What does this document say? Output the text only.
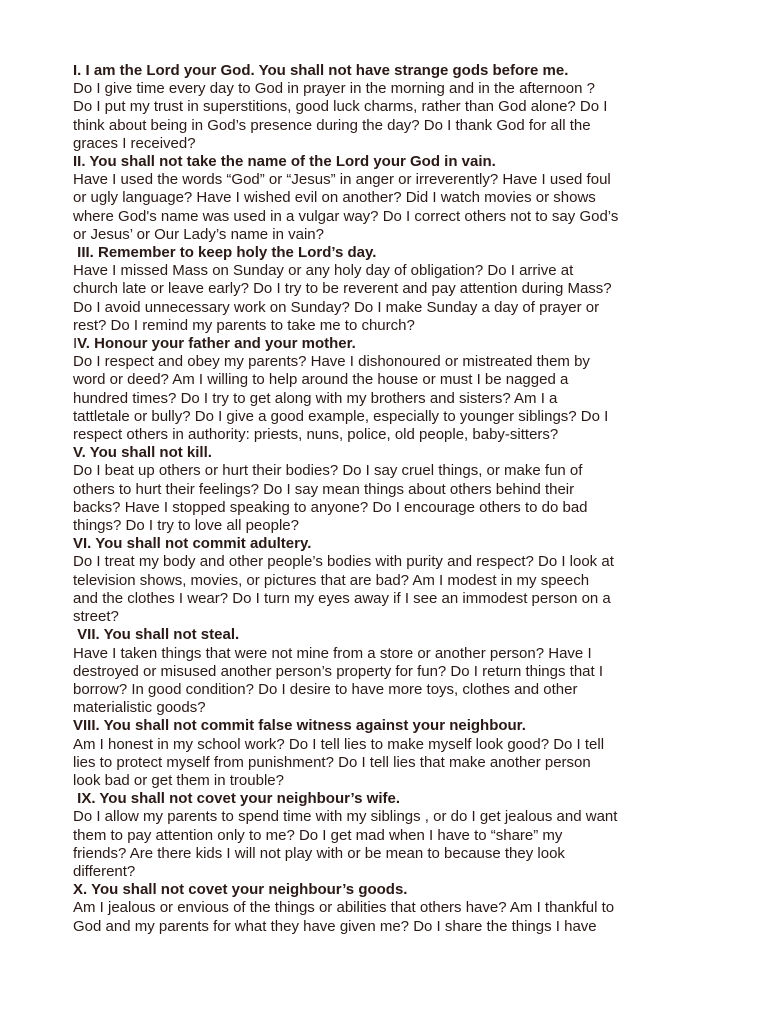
I. I am the Lord your God. You shall not have strange gods before me.

Do I give time every day to God in prayer in the morning and in the afternoon ?
Do I put my trust in superstitions, good luck charms, rather than God alone? Do I
think about being in God’s presence during the day? Do I thank God for all the
graces I received?

II. You shall not take the name of the Lord your God in vain.

Have I used the words “God” or “Jesus” in anger or irreverently? Have I used foul
or ugly language? Have I wished evil on another? Did I watch movies or shows
where God's name was used in a vulgar way? Do I correct others not to say God’s
or Jesus’ or Our Lady’s name in vain?

III. Remember to keep holy the Lord’s day.

Have I missed Mass on Sunday or any holy day of obligation? Do I arrive at
church late or leave early? Do I try to be reverent and pay attention during Mass?
Do I avoid unnecessary work on Sunday? Do I make Sunday a day of prayer or
rest? Do I remind my parents to take me to church?

IV. Honour your father and your mother.

Do I respect and obey my parents? Have I dishonoured or mistreated them by
word or deed? Am I willing to help around the house or must I be nagged a
hundred times? Do I try to get along with my brothers and sisters? Am I a
tattletale or bully? Do I give a good example, especially to younger siblings? Do I
respect others in authority: priests, nuns, police, old people, baby-sitters?

V. You shall not kill.

Do I beat up others or hurt their bodies? Do I say cruel things, or make fun of
others to hurt their feelings? Do I say mean things about others behind their
backs? Have I stopped speaking to anyone? Do I encourage others to do bad
things? Do I try to love all people?

VI. You shall not commit adultery.

Do I treat my body and other people’s bodies with purity and respect? Do I look at
television shows, movies, or pictures that are bad? Am I modest in my speech
and the clothes I wear? Do I turn my eyes away if I see an immodest person on a
street?

VII. You shall not steal.

Have I taken things that were not mine from a store or another person? Have I
destroyed or misused another person’s property for fun? Do I return things that I
borrow? In good condition? Do I desire to have more toys, clothes and other
materialistic goods?

VIII. You shall not commit false witness against your neighbour.

Am I honest in my school work? Do I tell lies to make myself look good? Do I tell
lies to protect myself from punishment? Do I tell lies that make another person
look bad or get them in trouble?

IX. You shall not covet your neighbour’s wife.

Do I allow my parents to spend time with my siblings , or do I get jealous and want
them to pay attention only to me? Do I get mad when I have to “share” my
friends? Are there kids I will not play with or be mean to because they look
different?

X. You shall not covet your neighbour’s goods.

Am I jealous or envious of the things or abilities that others have? Am I thankful to
God and my parents for what they have given me? Do I share the things I have
